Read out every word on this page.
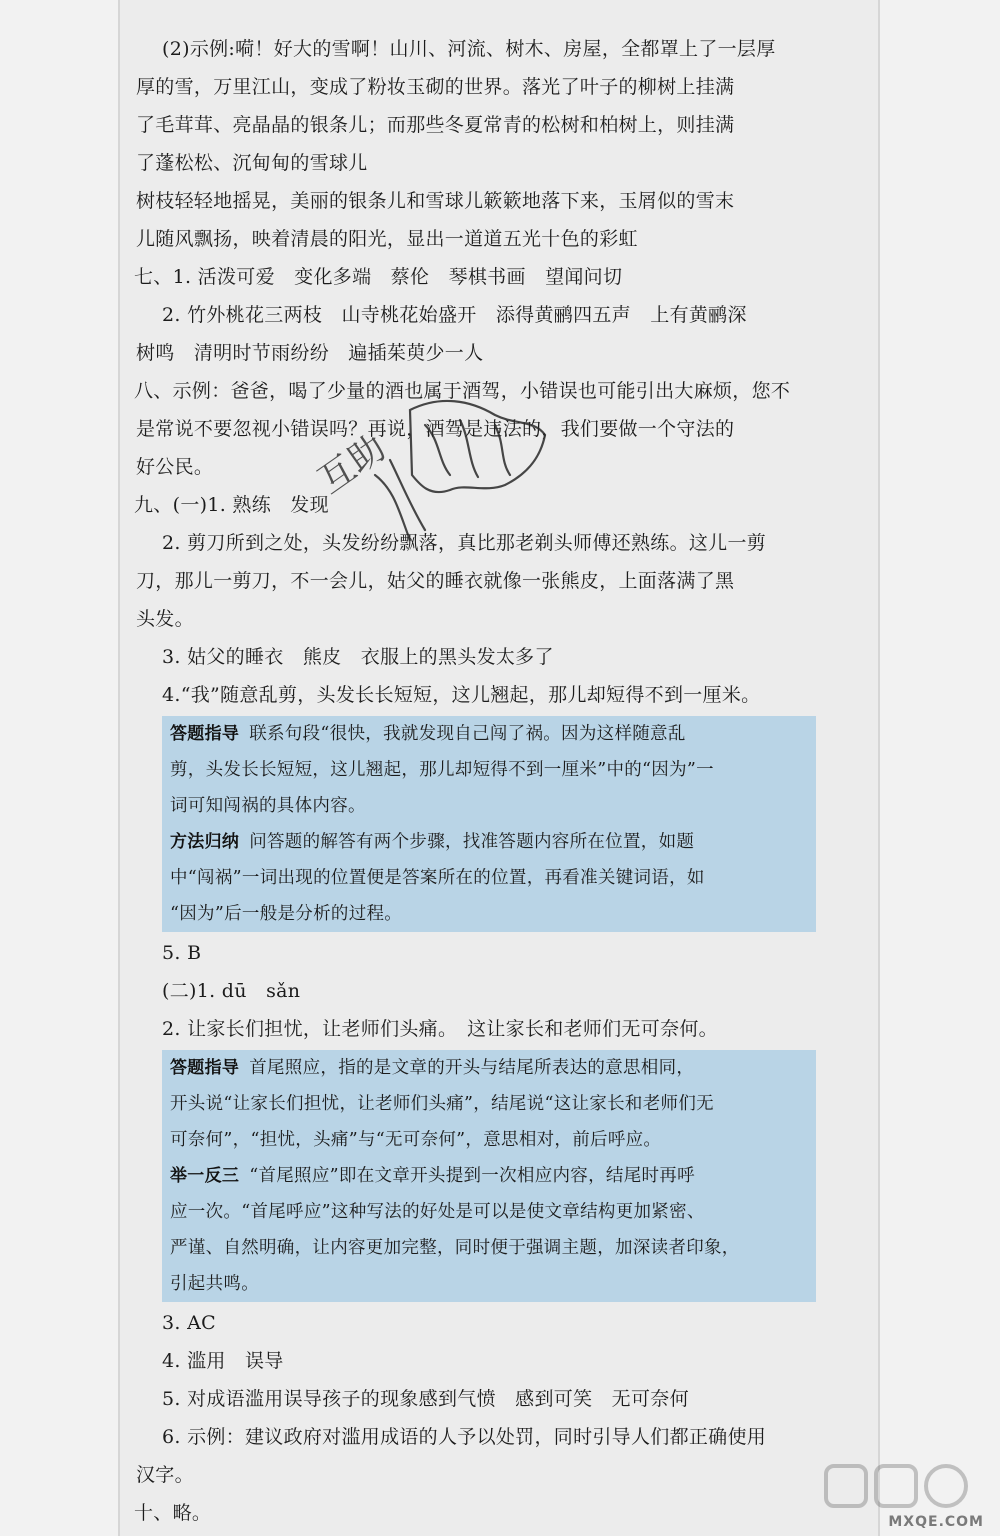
(2)示例:嗬！好大的雪啊！山川、河流、树木、房屋，全都罩上了一层厚
厚的雪，万里江山，变成了粉妆玉砌的世界。落光了叶子的柳树上挂满
了毛茸茸、亮晶晶的银条儿；而那些冬夏常青的松树和柏树上，则挂满
了蓬松松、沉甸甸的雪球儿
树枝轻轻地摇晃，美丽的银条儿和雪球儿簌簌地落下来，玉屑似的雪末
儿随风飘扬，映着清晨的阳光，显出一道道五光十色的彩虹
七、1. 活泼可爱　变化多端　蔡伦　琴棋书画　望闻问切
2. 竹外桃花三两枝　山寺桃花始盛开　添得黄鹂四五声　上有黄鹂深
树鸣　清明时节雨纷纷　遍插茱萸少一人
八、示例：爸爸，喝了少量的酒也属于酒驾，小错误也可能引出大麻烦，您不
是常说不要忽视小错误吗？再说，酒驾是违法的，我们要做一个守法的
好公民。
九、(一)1. 熟练　发现
2. 剪刀所到之处，头发纷纷飘落，真比那老剃头师傅还熟练。这儿一剪
刀，那儿一剪刀，不一会儿，姑父的睡衣就像一张熊皮，上面落满了黑
头发。
3. 姑父的睡衣　熊皮　衣服上的黑头发太多了
4.“我”随意乱剪，头发长长短短，这儿翘起，那儿却短得不到一厘米。
答题指导 联系句段“很快，我就发现自己闯了祸。因为这样随意乱
剪，头发长长短短，这儿翘起，那儿却短得不到一厘米”中的“因为”一
词可知闯祸的具体内容。
方法归纳 问答题的解答有两个步骤，找准答题内容所在位置，如题
中“闯祸”一词出现的位置便是答案所在的位置，再看准关键词语，如
“因为”后一般是分析的过程。
5. B
(二)1. dū　sǎn
2. 让家长们担忧，让老师们头痛。　这让家长和老师们无可奈何。
答题指导 首尾照应，指的是文章的开头与结尾所表达的意思相同，
开头说“让家长们担忧，让老师们头痛”，结尾说“这让家长和老师们无
可奈何”，“担忧，头痛”与“无可奈何”，意思相对，前后呼应。
举一反三 “首尾照应”即在文章开头提到一次相应内容，结尾时再呼
应一次。“首尾呼应”这种写法的好处是可以是使文章结构更加紧密、
严谨、自然明确，让内容更加完整，同时便于强调主题，加深读者印象，
引起共鸣。
3. AC
4. 滥用　误导
5. 对成语滥用误导孩子的现象感到气愤　感到可笑　无可奈何
6. 示例：建议政府对滥用成语的人予以处罚，同时引导人们都正确使用
汉字。
十、略。
互助
MXQE.COM
